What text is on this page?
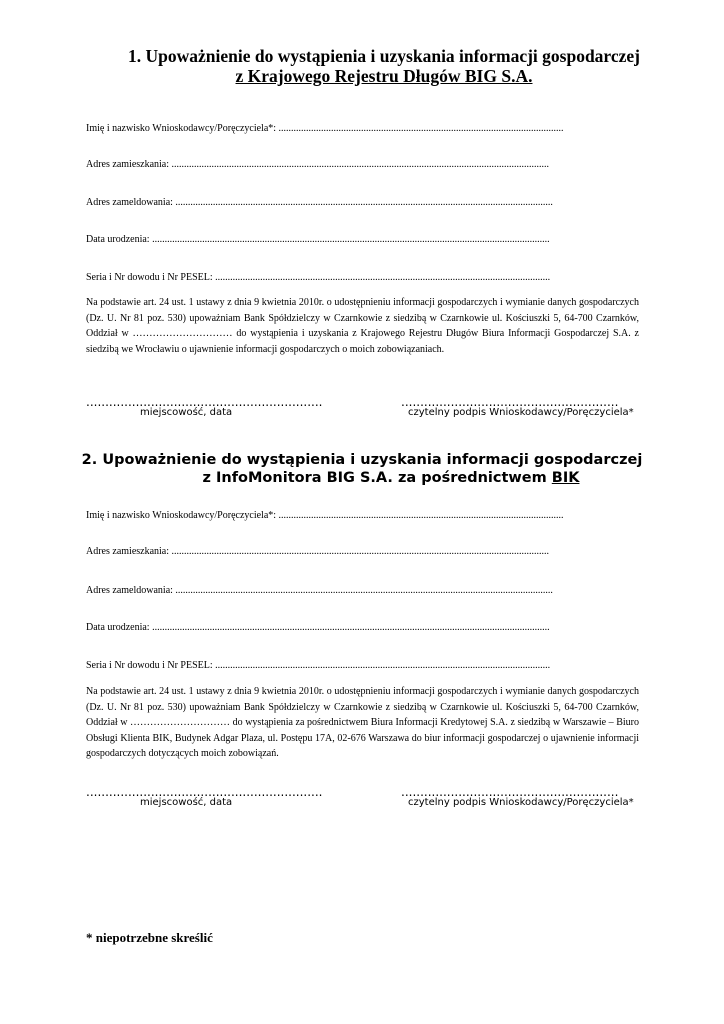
1. Upoważnienie do wystąpienia i uzyskania informacji gospodarczej
z Krajowego Rejestru Długów BIG S.A.
Imię i nazwisko Wnioskodawcy/Poręczyciela*: ..................................................................................................................
Adres zamieszkania: .......................................................................................................................................................
Adres zameldowania: .......................................................................................................................................................
Data urodzenia: ...............................................................................................................................................................
Seria i Nr dowodu i Nr PESEL: ......................................................................................................................................
Na podstawie art. 24 ust. 1 ustawy z dnia 9 kwietnia 2010r. o udostępnieniu informacji gospodarczych i wymianie danych gospodarczych (Dz. U. Nr 81 poz. 530) upoważniam Bank Spółdzielczy w Czarnkowie z siedzibą w Czarnkowie ul. Kościuszki 5, 64-700 Czarnków, Oddział w ………………………… do wystąpienia i uzyskania z Krajowego Rejestru Długów Biura Informacji Gospodarczej S.A. z siedzibą we Wrocławiu o ujawnienie informacji gospodarczych o moich zobowiązaniach.
..............................................................	.........................................................
miejscowość, data	czytelny podpis Wnioskodawcy/Poręczyciela*
2. Upoważnienie do wystąpienia i uzyskania informacji gospodarczej
z InfoMonitora BIG S.A. za pośrednictwem BIK
Imię i nazwisko Wnioskodawcy/Poręczyciela*: ..................................................................................................................
Adres zamieszkania: .......................................................................................................................................................
Adres zameldowania: .......................................................................................................................................................
Data urodzenia: ...............................................................................................................................................................
Seria i Nr dowodu i Nr PESEL: ......................................................................................................................................
Na podstawie art. 24 ust. 1 ustawy z dnia 9 kwietnia 2010r. o udostępnieniu informacji gospodarczych i wymianie danych gospodarczych (Dz. U. Nr 81 poz. 530) upoważniam Bank Spółdzielczy w Czarnkowie z siedzibą w Czarnkowie ul. Kościuszki 5, 64-700 Czarnków, Oddział w ………………………… do wystąpienia za pośrednictwem Biura Informacji Kredytowej S.A. z siedzibą w Warszawie – Biuro Obsługi Klienta BIK, Budynek Adgar Plaza, ul. Postępu 17A, 02-676 Warszawa do biur informacji gospodarczej o ujawnienie informacji gospodarczych dotyczących moich zobowiązań.
..............................................................	.........................................................
miejscowość, data	czytelny podpis Wnioskodawcy/Poręczyciela*
* niepotrzebne skreślić
